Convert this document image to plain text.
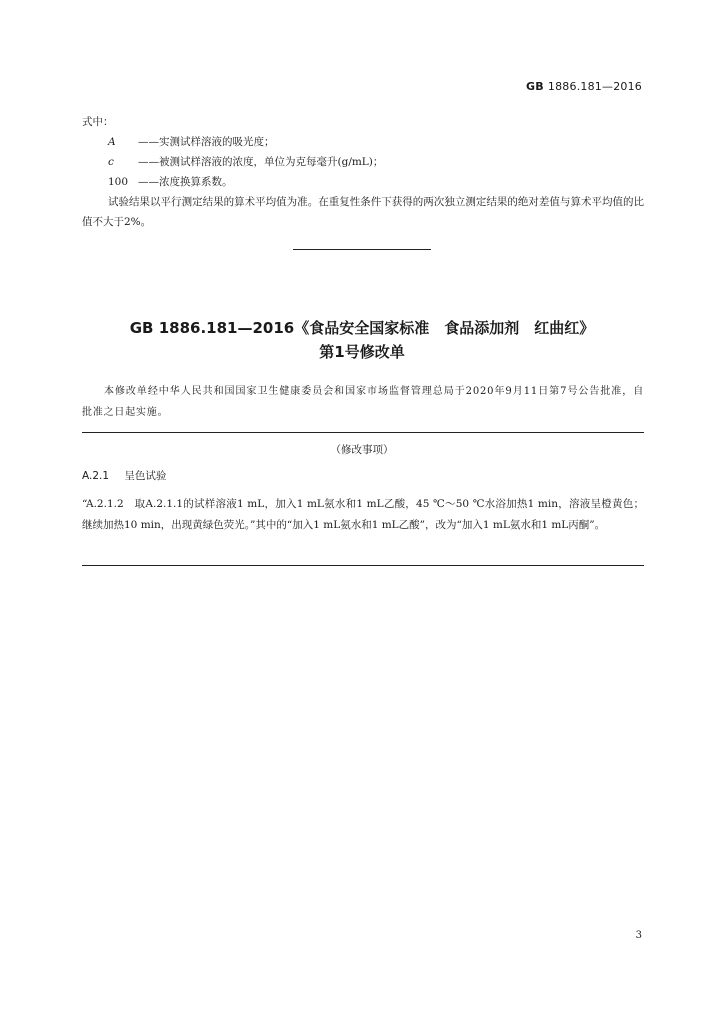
GB 1886.181—2016
式中：
A	——实测试样溶液的吸光度；
c	——被测试样溶液的浓度，单位为克每毫升(g/mL)；
100 ——浓度换算系数。

试验结果以平行测定结果的算术平均值为准。在重复性条件下获得的两次独立测定结果的绝对差值与算术平均值的比值不大于2%。

GB 1886.181—2016《食品安全国家标准　食品添加剂　红曲红》
第1号修改单

本修改单经中华人民共和国国家卫生健康委员会和国家市场监督管理总局于2020年9月11日第7号公告批准，自批准之日起实施。

（修改事项）
A.2.1 呈色试验

“A.2.1.2　取A.2.1.1的试样溶液1 mL，加入1 mL氨水和1 mL乙酸，45 ℃～50 ℃水浴加热1 min，溶液呈橙黄色；继续加热10 min，出现黄绿色荧光。”其中的“加入1 mL氨水和1 mL乙酸”，改为“加入1 mL氨水和1 mL丙酮”。

3
